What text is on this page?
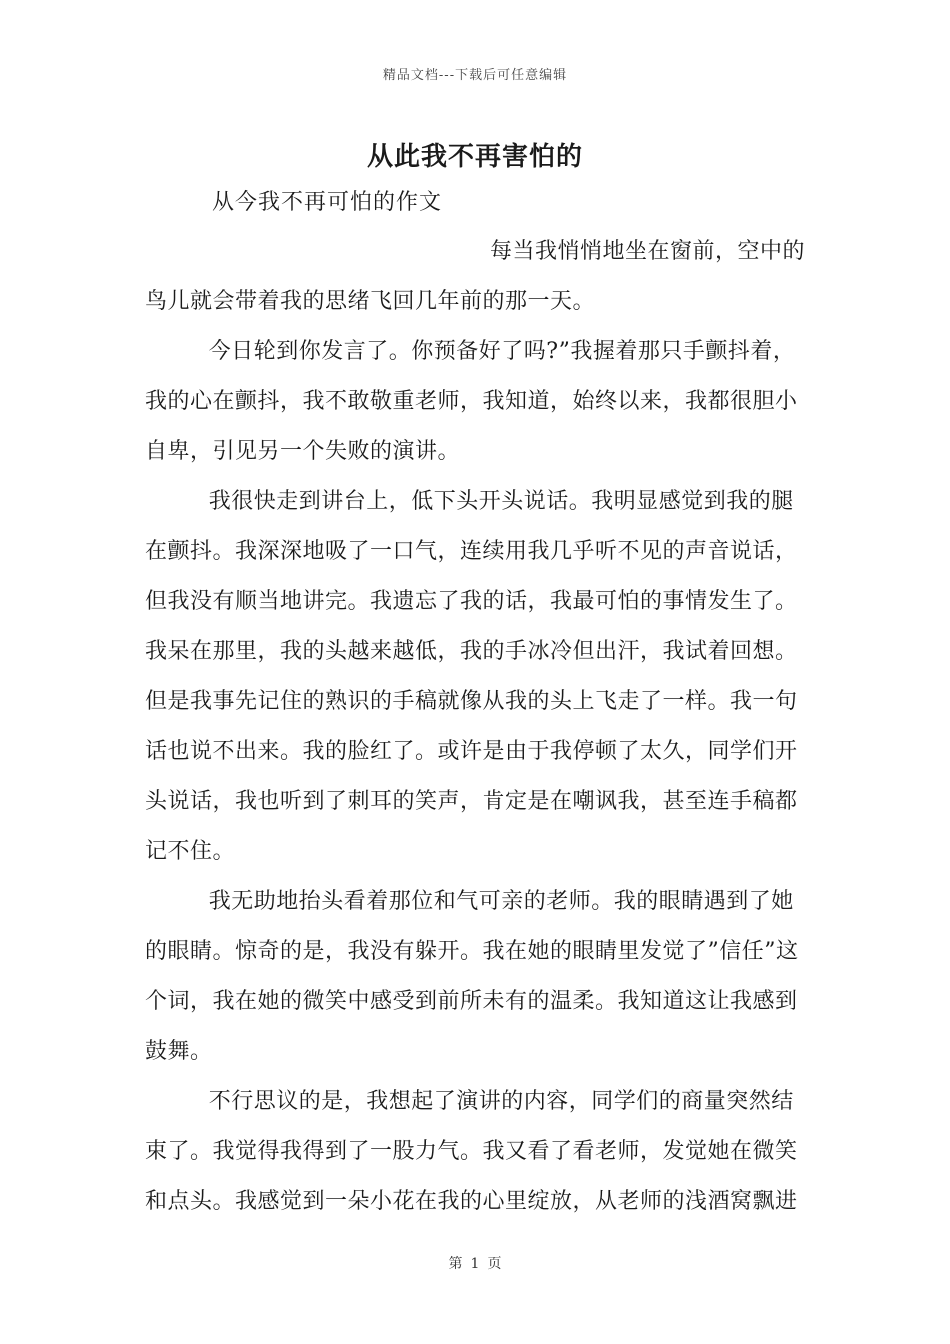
精品文档---下载后可任意编辑
从此我不再害怕的
从今我不再可怕的作文

每当我悄悄地坐在窗前，空中的鸟儿就会带着我的思绪飞回几年前的那一天。

今日轮到你发言了。你预备好了吗?”我握着那只手颤抖着，我的心在颤抖，我不敢敬重老师，我知道，始终以来，我都很胆小自卑，引见另一个失败的演讲。

我很快走到讲台上，低下头开头说话。我明显感觉到我的腿在颤抖。我深深地吸了一口气，连续用我几乎听不见的声音说话，但我没有顺当地讲完。我遗忘了我的话，我最可怕的事情发生了。我呆在那里，我的头越来越低，我的手冰冷但出汗，我试着回想。但是我事先记住的熟识的手稿就像从我的头上飞走了一样。我一句话也说不出来。我的脸红了。或许是由于我停顿了太久，同学们开头说话，我也听到了刺耳的笑声，肯定是在嘲讽我，甚至连手稿都记不住。

我无助地抬头看着那位和气可亲的老师。我的眼睛遇到了她的眼睛。惊奇的是，我没有躲开。我在她的眼睛里发觉了”信任”这个词，我在她的微笑中感受到前所未有的温柔。我知道这让我感到鼓舞。

不行思议的是，我想起了演讲的内容，同学们的商量突然结束了。我觉得我得到了一股力气。我又看了看老师，发觉她在微笑和点头。我感觉到一朵小花在我的心里绽放，从老师的浅酒窝飘进

第 1 页
